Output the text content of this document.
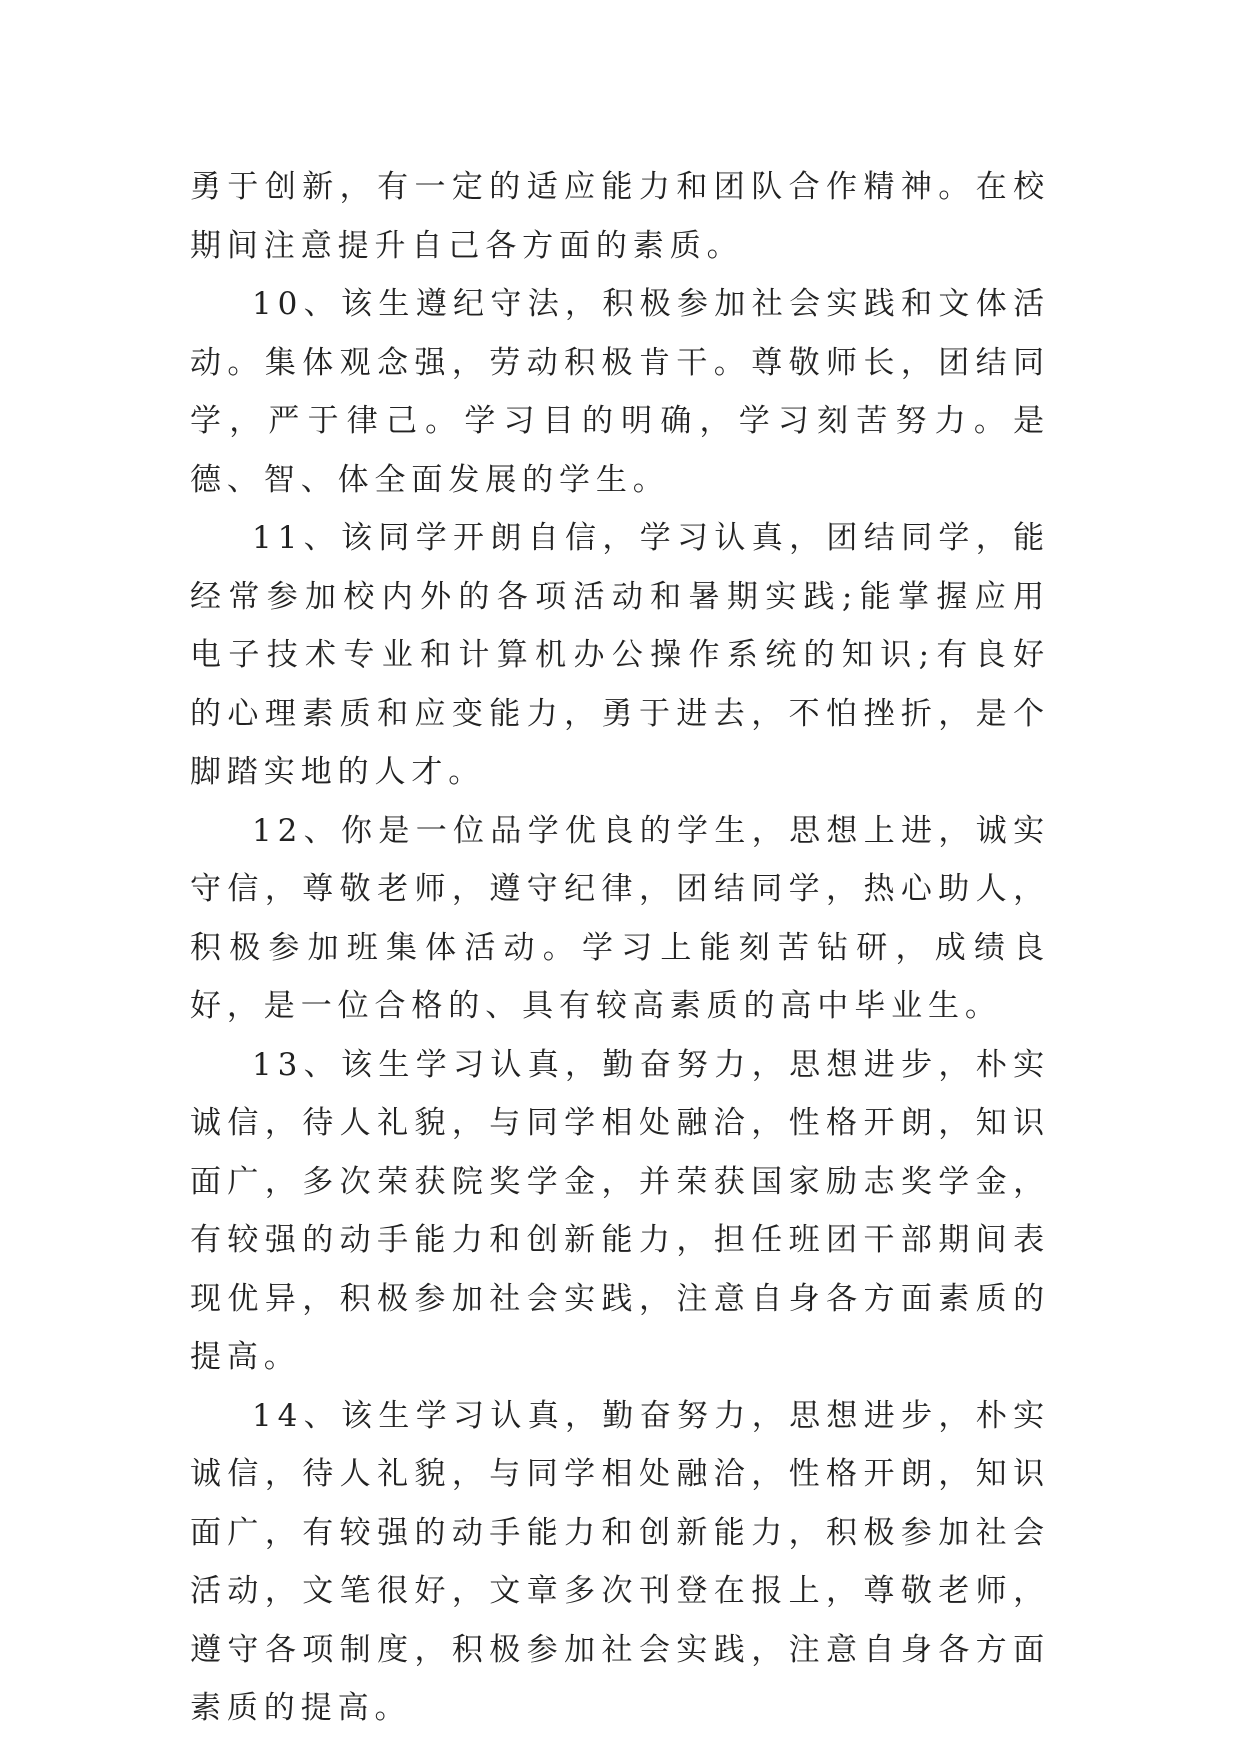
勇于创新，有一定的适应能力和团队合作精神。在校期间注意提升自己各方面的素质。

10、该生遵纪守法，积极参加社会实践和文体活动。集体观念强，劳动积极肯干。尊敬师长，团结同学，严于律己。学习目的明确，学习刻苦努力。是德、智、体全面发展的学生。

11、该同学开朗自信，学习认真，团结同学，能经常参加校内外的各项活动和暑期实践;能掌握应用电子技术专业和计算机办公操作系统的知识;有良好的心理素质和应变能力，勇于进去，不怕挫折，是个脚踏实地的人才。

12、你是一位品学优良的学生，思想上进，诚实守信，尊敬老师，遵守纪律，团结同学，热心助人，积极参加班集体活动。学习上能刻苦钻研，成绩良好，是一位合格的、具有较高素质的高中毕业生。

13、该生学习认真，勤奋努力，思想进步，朴实诚信，待人礼貌，与同学相处融洽，性格开朗，知识面广，多次荣获院奖学金，并荣获国家励志奖学金，有较强的动手能力和创新能力，担任班团干部期间表现优异，积极参加社会实践，注意自身各方面素质的提高。

14、该生学习认真，勤奋努力，思想进步，朴实诚信，待人礼貌，与同学相处融洽，性格开朗，知识面广，有较强的动手能力和创新能力，积极参加社会活动，文笔很好，文章多次刊登在报上，尊敬老师，遵守各项制度，积极参加社会实践，注意自身各方面素质的提高。
